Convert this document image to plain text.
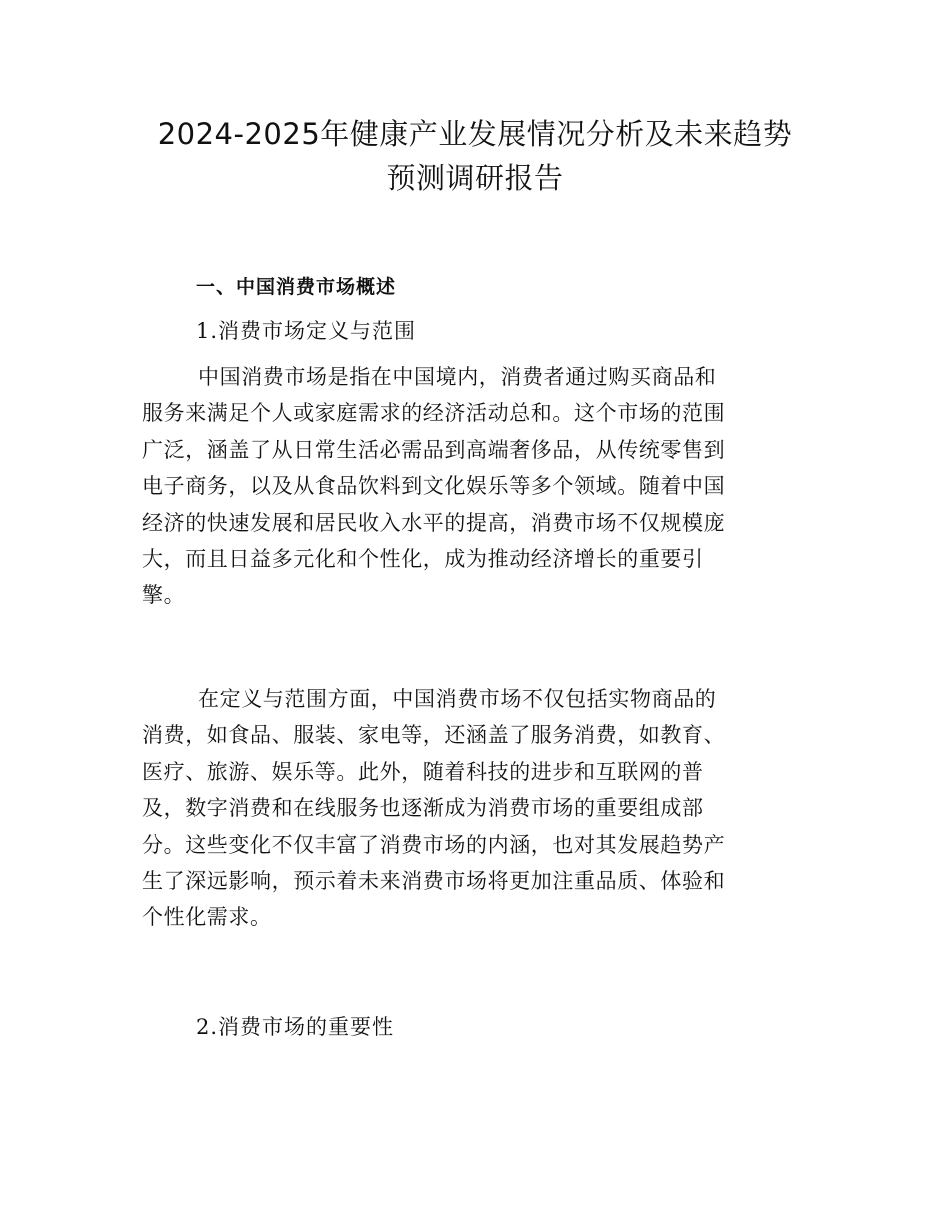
2024-2025年健康产业发展情况分析及未来趋势
预测调研报告
一、中国消费市场概述
1.消费市场定义与范围
中国消费市场是指在中国境内，消费者通过购买商品和
服务来满足个人或家庭需求的经济活动总和。这个市场的范围
广泛，涵盖了从日常生活必需品到高端奢侈品，从传统零售到
电子商务，以及从食品饮料到文化娱乐等多个领域。随着中国
经济的快速发展和居民收入水平的提高，消费市场不仅规模庞
大，而且日益多元化和个性化，成为推动经济增长的重要引
擎。
在定义与范围方面，中国消费市场不仅包括实物商品的
消费，如食品、服装、家电等，还涵盖了服务消费，如教育、
医疗、旅游、娱乐等。此外，随着科技的进步和互联网的普
及，数字消费和在线服务也逐渐成为消费市场的重要组成部
分。这些变化不仅丰富了消费市场的内涵，也对其发展趋势产
生了深远影响，预示着未来消费市场将更加注重品质、体验和
个性化需求。
2.消费市场的重要性
